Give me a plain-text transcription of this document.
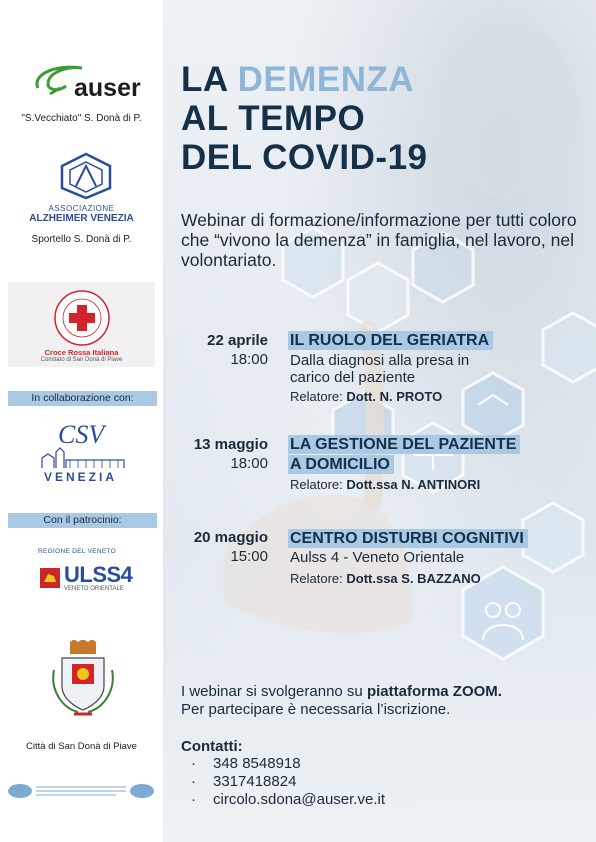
auser
"S.Vecchiato" S. Donà di P.
ASSOCIAZIONE
ALZHEIMER VENEZIA
Sportello S. Donà di P.
Croce Rossa Italiana
Comitato di San Donà di Piave
In collaborazione con:
CSV
VENEZIA
Con il patrocinio:
REGIONE DEL VENETO
ULSS4
VENETO ORIENTALE
Città di San Donà di Piave
LA DEMENZA
AL TEMPO
DEL COVID-19
Webinar di formazione/informazione per tutti coloro che “vivono la demenza” in famiglia, nel lavoro, nel volontariato.
22 aprile
18:00
IL RUOLO DEL GERIATRA
Dalla diagnosi alla presa in carico del paziente
Relatore: Dott. N. PROTO
13 maggio
18:00
LA GESTIONE DEL PAZIENTE
A DOMICILIO
Relatore: Dott.ssa N. ANTINORI
20 maggio
15:00
CENTRO DISTURBI COGNITIVI
Aulss 4 - Veneto Orientale
Relatore: Dott.ssa S. BAZZANO
I webinar si svolgeranno su piattaforma ZOOM.
Per partecipare è necessaria l’iscrizione.
Contatti:
· 348 8548918
· 3317418824
· circolo.sdona@auser.ve.it
